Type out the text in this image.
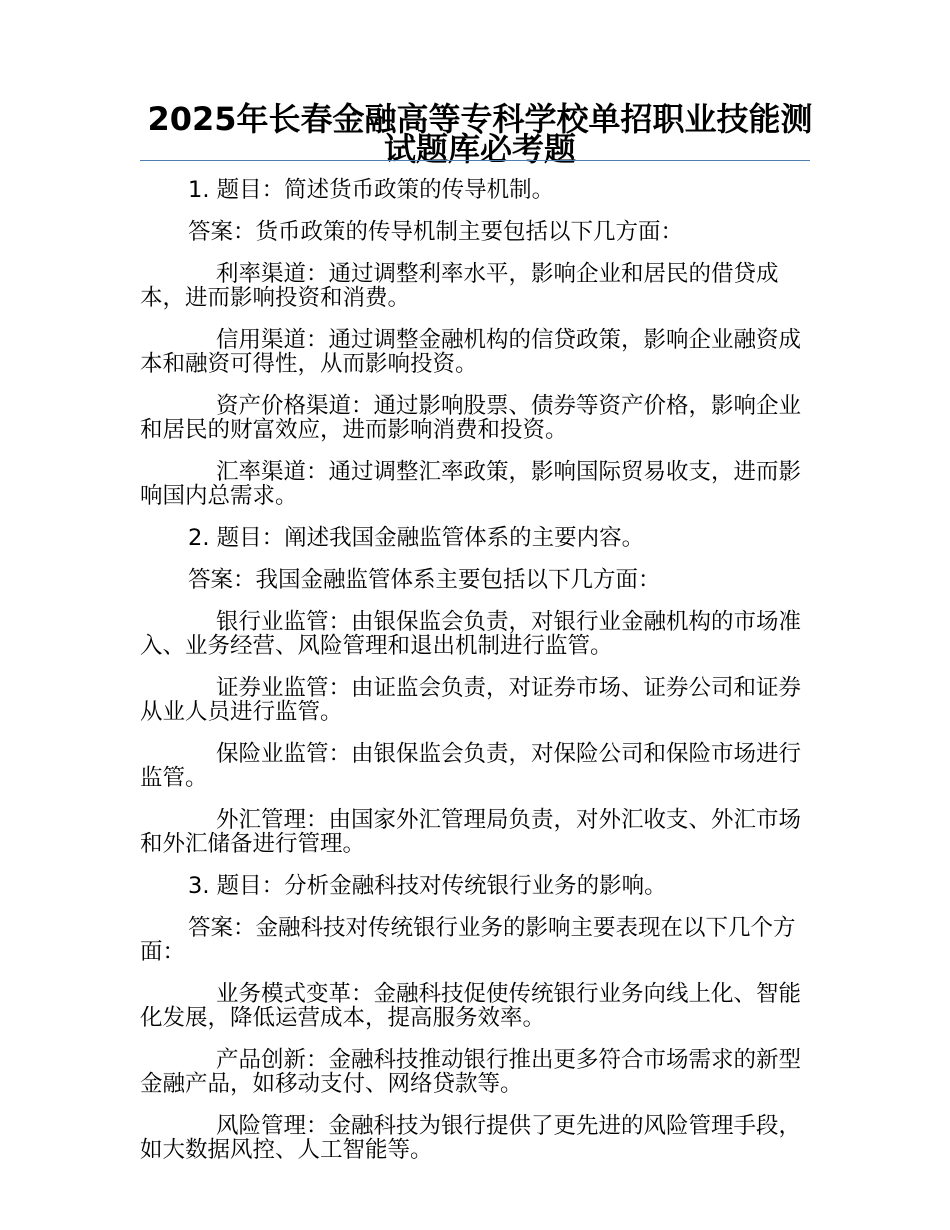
2025年长春金融高等专科学校单招职业技能测试题库必考题

1. 题目：简述货币政策的传导机制。

答案：货币政策的传导机制主要包括以下几方面：

利率渠道：通过调整利率水平，影响企业和居民的借贷成本，进而影响投资和消费。

信用渠道：通过调整金融机构的信贷政策，影响企业融资成本和融资可得性，从而影响投资。

资产价格渠道：通过影响股票、债券等资产价格，影响企业和居民的财富效应，进而影响消费和投资。

汇率渠道：通过调整汇率政策，影响国际贸易收支，进而影响国内总需求。

2. 题目：阐述我国金融监管体系的主要内容。

答案：我国金融监管体系主要包括以下几方面：

银行业监管：由银保监会负责，对银行业金融机构的市场准入、业务经营、风险管理和退出机制进行监管。

证券业监管：由证监会负责，对证券市场、证券公司和证券从业人员进行监管。

保险业监管：由银保监会负责，对保险公司和保险市场进行监管。

外汇管理：由国家外汇管理局负责，对外汇收支、外汇市场和外汇储备进行管理。

3. 题目：分析金融科技对传统银行业务的影响。

答案：金融科技对传统银行业务的影响主要表现在以下几个方面：

业务模式变革：金融科技促使传统银行业务向线上化、智能化发展，降低运营成本，提高服务效率。

产品创新：金融科技推动银行推出更多符合市场需求的新型金融产品，如移动支付、网络贷款等。

风险管理：金融科技为银行提供了更先进的风险管理手段，如大数据风控、人工智能等。
